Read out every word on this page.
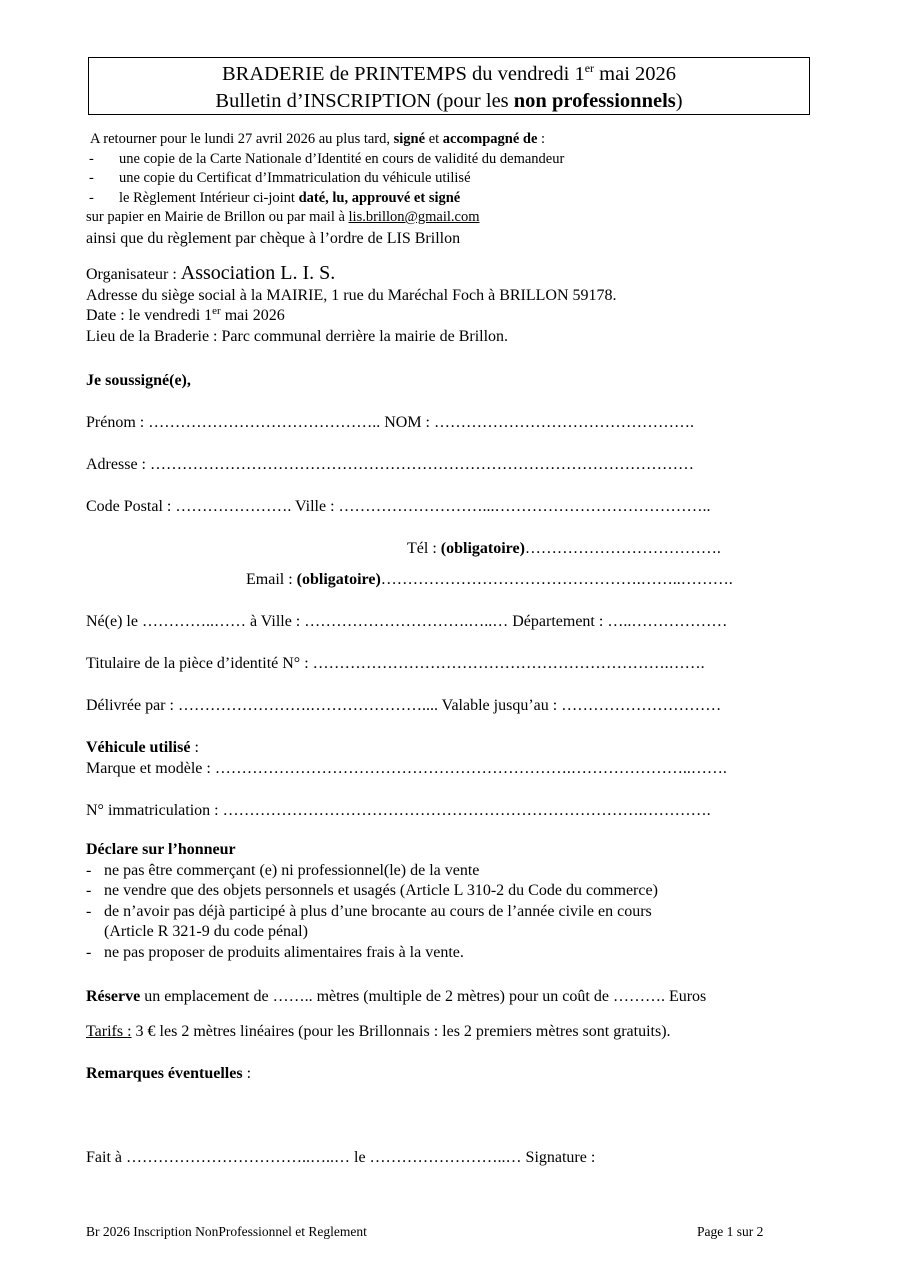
BRADERIE de PRINTEMPS du vendredi 1er mai 2026
Bulletin d’INSCRIPTION (pour les non professionnels)
A retourner pour le lundi 27 avril 2026 au plus tard, signé et accompagné de :
- une copie de la Carte Nationale d’Identité en cours de validité du demandeur
- une copie du Certificat d’Immatriculation du véhicule utilisé
- le Règlement Intérieur ci-joint daté, lu, approuvé et signé
sur papier en Mairie de Brillon ou par mail à lis.brillon@gmail.com
ainsi que du règlement par chèque à l’ordre de LIS Brillon
Organisateur : Association L. I. S.
Adresse du siège social à la MAIRIE, 1 rue du Maréchal Foch à BRILLON 59178.
Date : le vendredi 1er mai 2026
Lieu de la Braderie : Parc communal derrière la mairie de Brillon.
Je soussigné(e),
Prénom : …………………………………….. NOM : ………………………………………….
Adresse : …………………………………………………………………………………………
Code Postal : …………………. Ville : ………………………...…………………………………..
Tél : (obligatoire)……………………………….
Email : (obligatoire)………………………………………….……..……….
Né(e) le …………..…… à Ville : ………………………….…..… Département : …..………………
Titulaire de la pièce d’identité N° : ………………………………………………………….…….
Délivrée par : …………………….………………….... Valable jusqu’au : …………………………
Véhicule utilisé :
Marque et modèle : ………………………………………………………….…………………..…….
N° immatriculation : …………………………………………………………………….………….
Déclare sur l’honneur
- ne pas être commerçant (e) ni professionnel(le) de la vente
- ne vendre que des objets personnels et usagés (Article L 310-2 du Code du commerce)
- de n’avoir pas déjà participé à plus d’une brocante au cours de l’année civile en cours
(Article R 321-9 du code pénal)
- ne pas proposer de produits alimentaires frais à la vente.
Réserve un emplacement de …….. mètres (multiple de 2 mètres) pour un coût de ………. Euros
Tarifs : 3 € les 2 mètres linéaires (pour les Brillonnais : les 2 premiers mètres sont gratuits).
Remarques éventuelles :
Fait à ……………………………..…..… le ……………………..… Signature :
Br 2026 Inscription NonProfessionnel et Reglement	Page 1 sur 2
